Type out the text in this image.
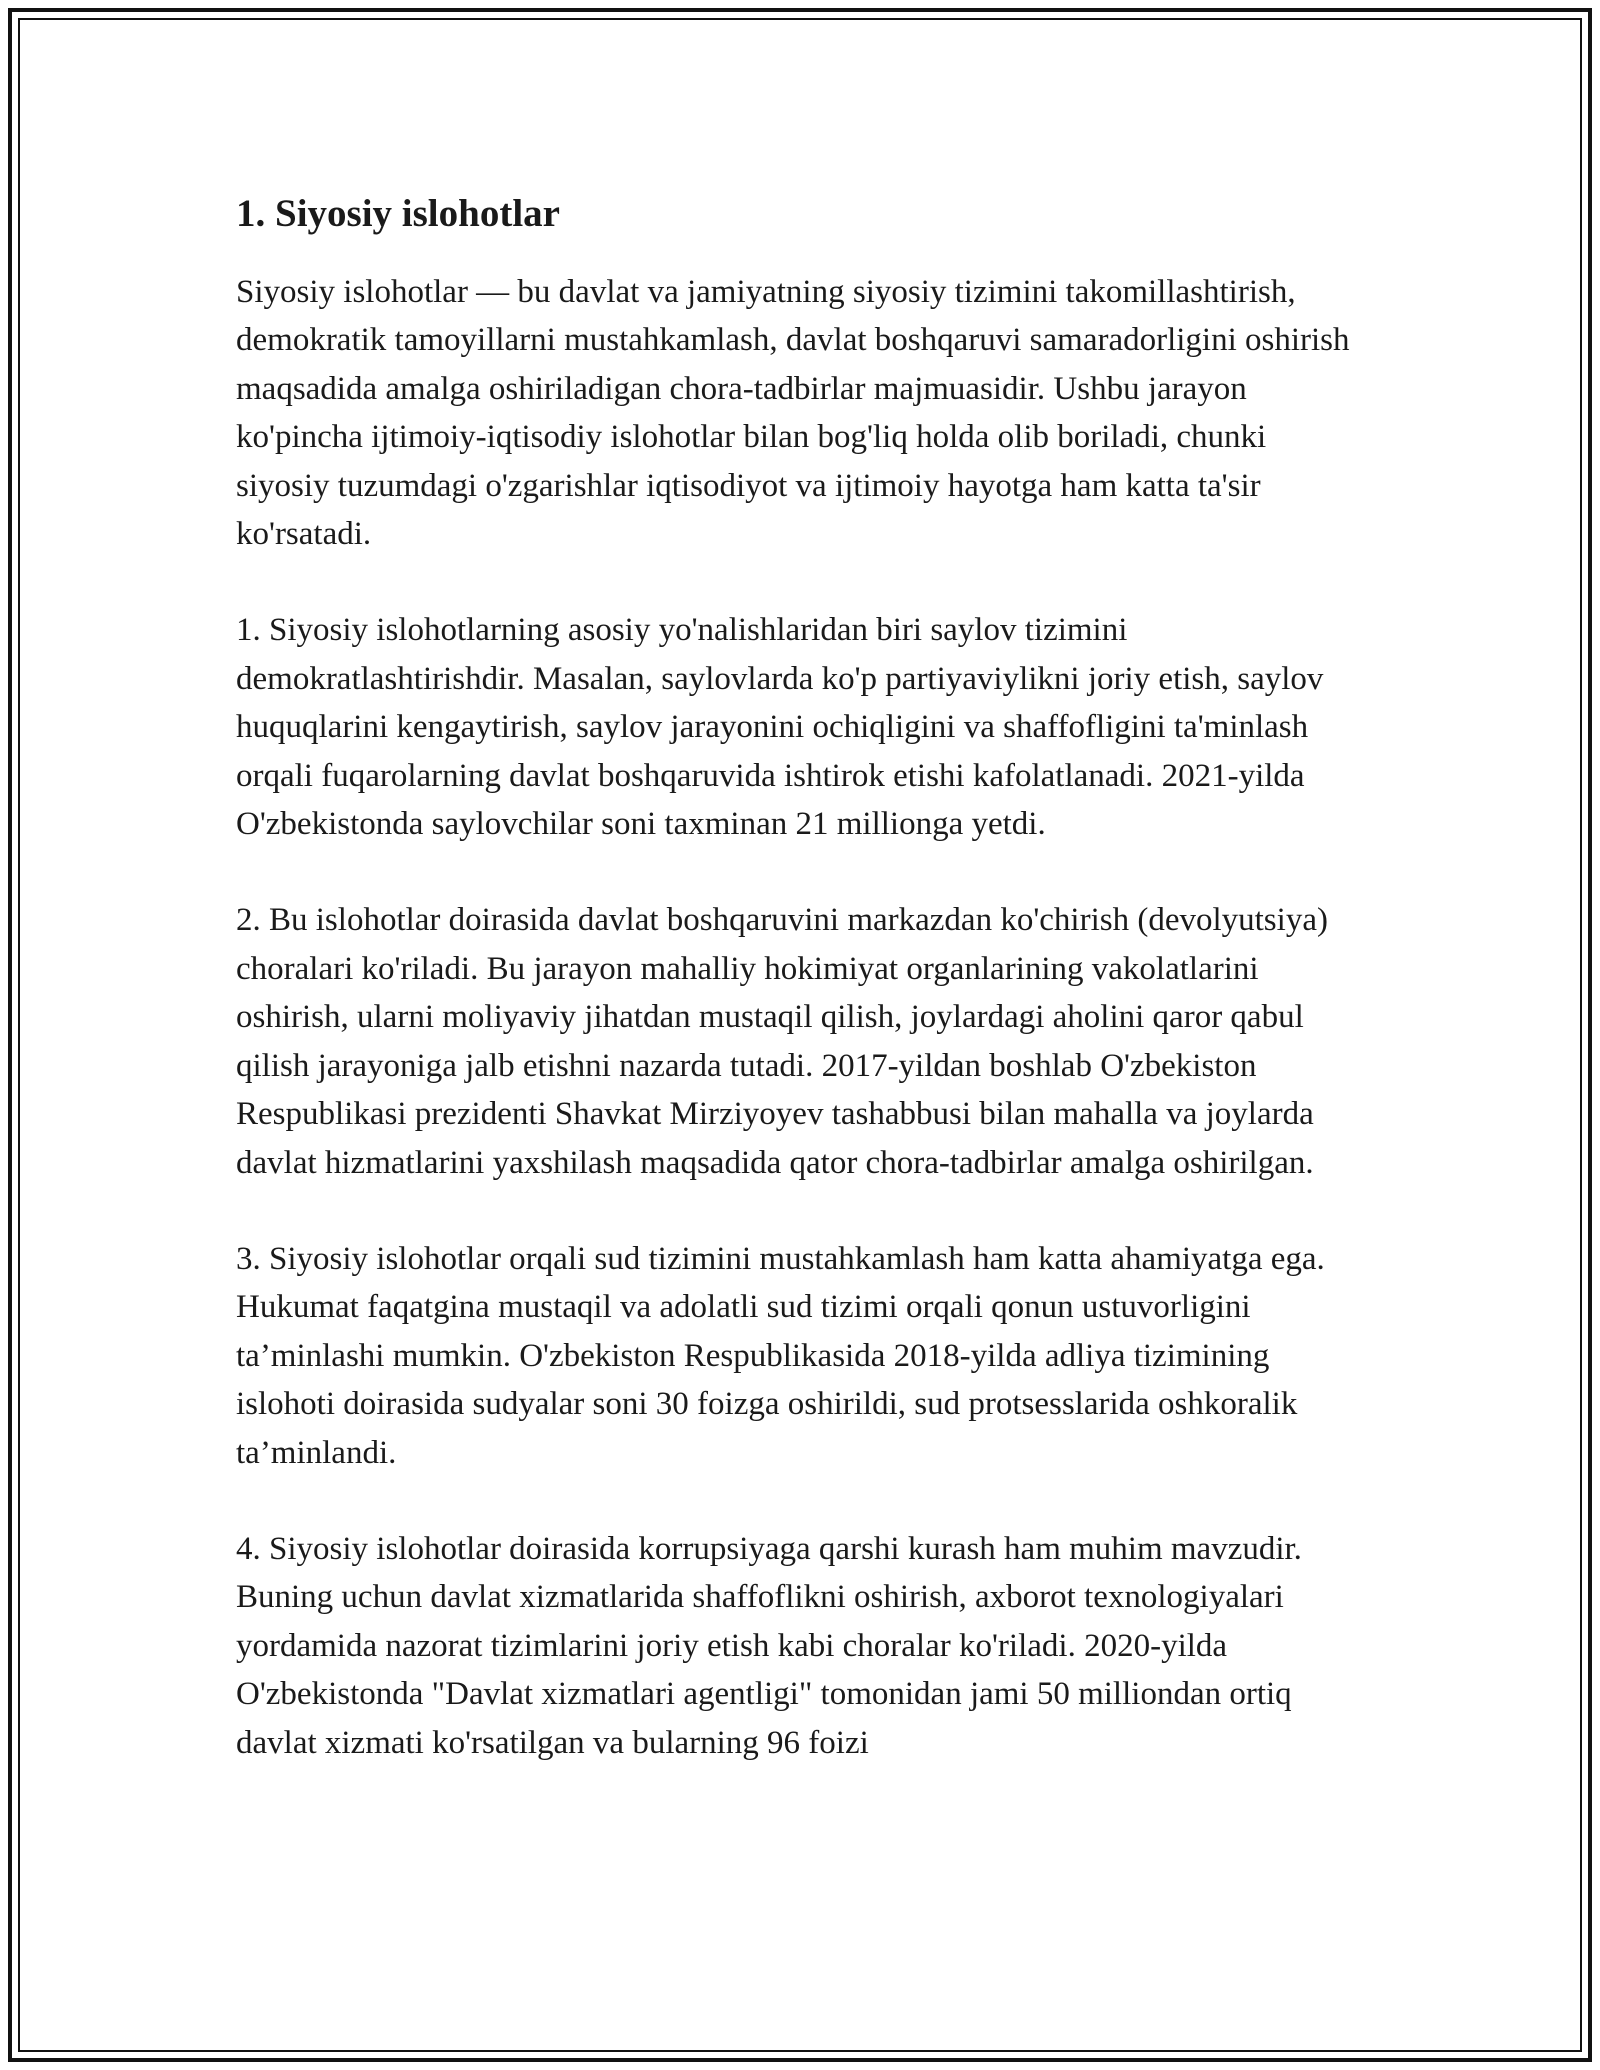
1. Siyosiy islohotlar

Siyosiy islohotlar — bu davlat va jamiyatning siyosiy tizimini takomillashtirish, demokratik tamoyillarni mustahkamlash, davlat boshqaruvi samaradorligini oshirish maqsadida amalga oshiriladigan chora-tadbirlar majmuasidir. Ushbu jarayon ko'pincha ijtimoiy-iqtisodiy islohotlar bilan bog'liq holda olib boriladi, chunki siyosiy tuzumdagi o'zgarishlar iqtisodiyot va ijtimoiy hayotga ham katta ta'sir ko'rsatadi.

1. Siyosiy islohotlarning asosiy yo'nalishlaridan biri saylov tizimini demokratlashtirishdir. Masalan, saylovlarda ko'p partiyaviylikni joriy etish, saylov huquqlarini kengaytirish, saylov jarayonini ochiqligini va shaffofligini ta'minlash orqali fuqarolarning davlat boshqaruvida ishtirok etishi kafolatlanadi. 2021-yilda O'zbekistonda saylovchilar soni taxminan 21 millionga yetdi.

2. Bu islohotlar doirasida davlat boshqaruvini markazdan ko'chirish (devolyutsiya) choralari ko'riladi. Bu jarayon mahalliy hokimiyat organlarining vakolatlarini oshirish, ularni moliyaviy jihatdan mustaqil qilish, joylardagi aholini qaror qabul qilish jarayoniga jalb etishni nazarda tutadi. 2017-yildan boshlab O'zbekiston Respublikasi prezidenti Shavkat Mirziyoyev tashabbusi bilan mahalla va joylarda davlat hizmatlarini yaxshilash maqsadida qator chora-tadbirlar amalga oshirilgan.

3. Siyosiy islohotlar orqali sud tizimini mustahkamlash ham katta ahamiyatga ega. Hukumat faqatgina mustaqil va adolatli sud tizimi orqali qonun ustuvorligini ta’minlashi mumkin. O'zbekiston Respublikasida 2018-yilda adliya tizimining islohoti doirasida sudyalar soni 30 foizga oshirildi, sud protsesslarida oshkoralik ta’minlandi.

4. Siyosiy islohotlar doirasida korrupsiyaga qarshi kurash ham muhim mavzudir. Buning uchun davlat xizmatlarida shaffoflikni oshirish, axborot texnologiyalari yordamida nazorat tizimlarini joriy etish kabi choralar ko'riladi. 2020-yilda O'zbekistonda "Davlat xizmatlari agentligi" tomonidan jami 50 milliondan ortiq davlat xizmati ko'rsatilgan va bularning 96 foizi
